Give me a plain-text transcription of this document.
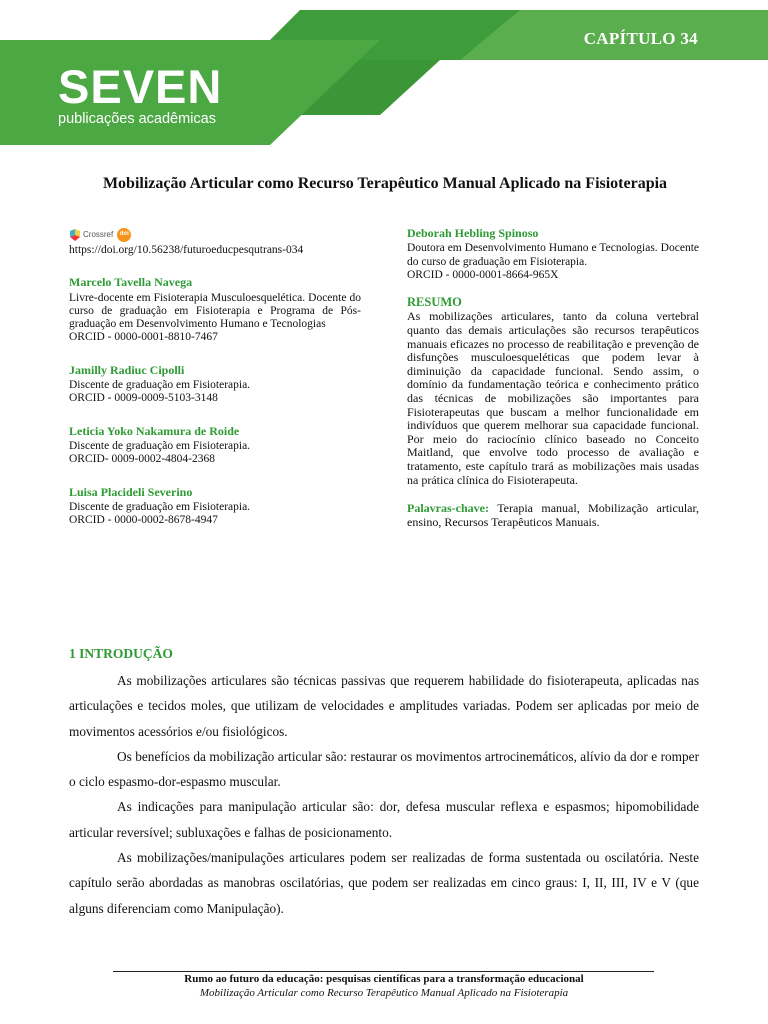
CAPÍTULO 34
SEVEN
publicações acadêmicas
Mobilização Articular como Recurso Terapêutico Manual Aplicado na Fisioterapia
Crossref	doi
https://doi.org/10.56238/futuroeducpesqutrans-034
Marcelo Tavella Navega
Livre-docente em Fisioterapia Musculoesquelética. Docente do curso de graduação em Fisioterapia e Programa de Pós-graduação em Desenvolvimento Humano e Tecnologias
ORCID - 0000-0001-8810-7467
Jamilly Radiuc Cipolli
Discente de graduação em Fisioterapia.
ORCID - 0009-0009-5103-3148
Leticia Yoko Nakamura de Roide
Discente de graduação em Fisioterapia.
ORCID- 0009-0002-4804-2368
Luisa Placideli Severino
Discente de graduação em Fisioterapia.
ORCID - 0000-0002-8678-4947
Deborah Hebling Spinoso
Doutora em Desenvolvimento Humano e Tecnologias. Docente do curso de graduação em Fisioterapia.
ORCID - 0000-0001-8664-965X
RESUMO
As mobilizações articulares, tanto da coluna vertebral quanto das demais articulações são recursos terapêuticos manuais eficazes no processo de reabilitação e prevenção de disfunções musculoesqueléticas que podem levar à diminuição da capacidade funcional. Sendo assim, o domínio da fundamentação teórica e conhecimento prático das técnicas de mobilizações são importantes para Fisioterapeutas que buscam a melhor funcionalidade em indivíduos que querem melhorar sua capacidade funcional. Por meio do raciocínio clínico baseado no Conceito Maitland, que envolve todo processo de avaliação e tratamento, este capítulo trará as mobilizações mais usadas na prática clínica do Fisioterapeuta.
Palavras-chave: Terapia manual, Mobilização articular, ensino, Recursos Terapêuticos Manuais.
1 INTRODUÇÃO

As mobilizações articulares são técnicas passivas que requerem habilidade do fisioterapeuta, aplicadas nas articulações e tecidos moles, que utilizam de velocidades e amplitudes variadas. Podem ser aplicadas por meio de movimentos acessórios e/ou fisiológicos.

Os benefícios da mobilização articular são: restaurar os movimentos artrocinemáticos, alívio da dor e romper o ciclo espasmo-dor-espasmo muscular.

As indicações para manipulação articular são: dor, defesa muscular reflexa e espasmos; hipomobilidade articular reversível; subluxações e falhas de posicionamento.

As mobilizações/manipulações articulares podem ser realizadas de forma sustentada ou oscilatória. Neste capítulo serão abordadas as manobras oscilatórias, que podem ser realizadas em cinco graus: I, II, III, IV e V (que alguns diferenciam como Manipulação).

Rumo ao futuro da educação: pesquisas científicas para a transformação educacional
Mobilização Articular como Recurso Terapêutico Manual Aplicado na Fisioterapia
